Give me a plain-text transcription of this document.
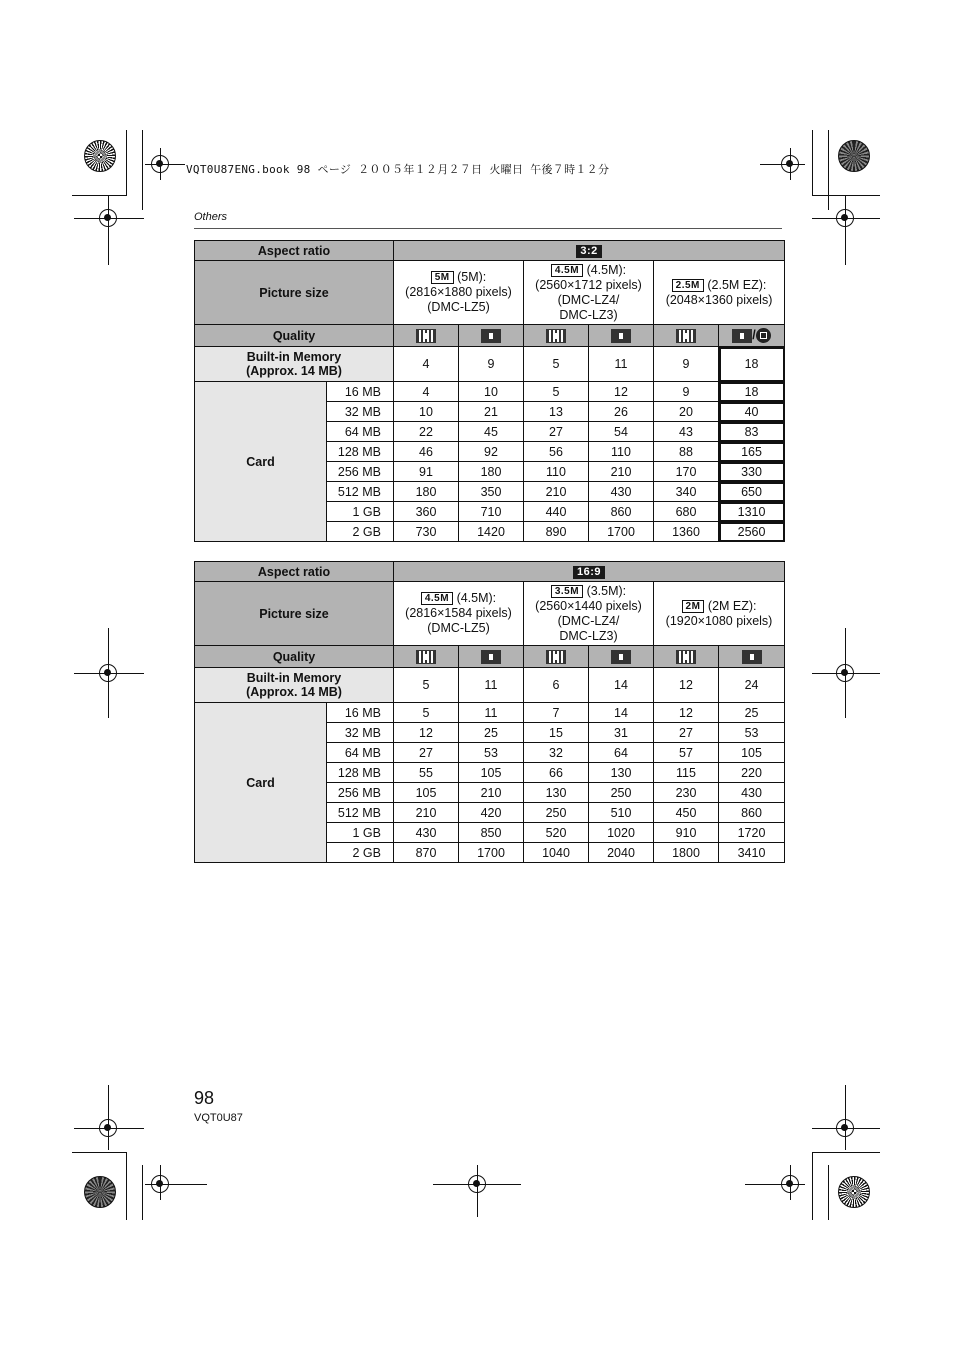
VQT0U87ENG.book 98 ページ ２００５年１２月２７日 火曜日 午後７時１２分
Others
Aspect ratio		3:2					
Picture size		5M (5M):
(2816×1880 pixels)
(DMC-LZ5)		4.5M (4.5M):
(2560×1712 pixels)
(DMC-LZ4/
DMC-LZ3)		2.5M (2.5M EZ):
(2048×1360 pixels)	
Quality							/
Built-in Memory
(Approx. 14 MB)		4	9	5	11	9	18
Card	16 MB	4	10	5	12	9	18
	32 MB	10	21	13	26	20	40
	64 MB	22	45	27	54	43	83
	128 MB	46	92	56	110	88	165
	256 MB	91	180	110	210	170	330
	512 MB	180	350	210	430	340	650
	1 GB	360	710	440	860	680	1310
	2 GB	730	1420	890	1700	1360	2560
Aspect ratio		16:9					
Picture size		4.5M (4.5M):
(2816×1584 pixels)
(DMC-LZ5)		3.5M (3.5M):
(2560×1440 pixels)
(DMC-LZ4/
DMC-LZ3)		2M (2M EZ):
(1920×1080 pixels)	
Quality							
Built-in Memory
(Approx. 14 MB)		5	11	6	14	12	24
Card	16 MB	5	11	7	14	12	25
	32 MB	12	25	15	31	27	53
	64 MB	27	53	32	64	57	105
	128 MB	55	105	66	130	115	220
	256 MB	105	210	130	250	230	430
	512 MB	210	420	250	510	450	860
	1 GB	430	850	520	1020	910	1720
	2 GB	870	1700	1040	2040	1800	3410
98
VQT0U87
